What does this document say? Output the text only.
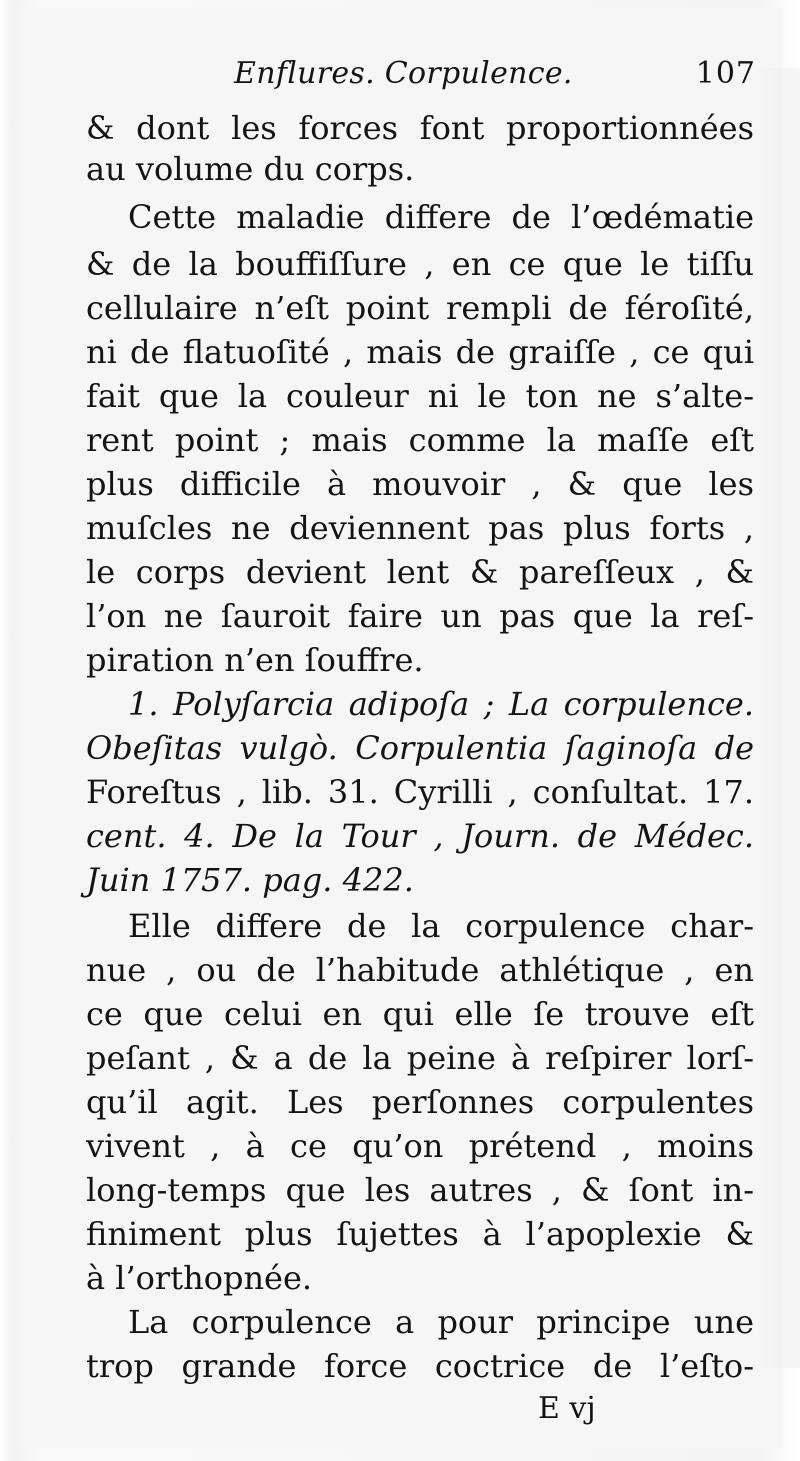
Enflures. Corpulence.	107
& dont les forces font proportionnées
au volume du corps.
Cette maladie differe de l’œdématie
& de la bouffiſſure , en ce que le tiſſu
cellulaire n’eſt point rempli de féroſité,
ni de flatuoſité , mais de graiſſe , ce qui
fait que la couleur ni le ton ne s’alte-
rent point ; mais comme la maſſe eſt
plus difficile à mouvoir , & que les
muſcles ne deviennent pas plus forts ,
le corps devient lent & pareſſeux , &
l’on ne ſauroit faire un pas que la reſ-
piration n’en ſouffre.
1. Polyſarcia adipoſa ; La corpulence.
Obeſitas vulgò. Corpulentia ſaginoſa de
Foreſtus , lib. 31. Cyrilli , conſultat. 17.
cent. 4. De la Tour , Journ. de Médec.
Juin 1757. pag. 422.
Elle differe de la corpulence char-
nue , ou de l’habitude athlétique , en
ce que celui en qui elle ſe trouve eſt
peſant , & a de la peine à reſpirer lorſ-
qu’il agit. Les perſonnes corpulentes
vivent , à ce qu’on prétend , moins
long-temps que les autres , & ſont in-
finiment plus ſujettes à l’apoplexie &
à l’orthopnée.
La corpulence a pour principe une
trop grande force coctrice de l’eſto-
E vj
